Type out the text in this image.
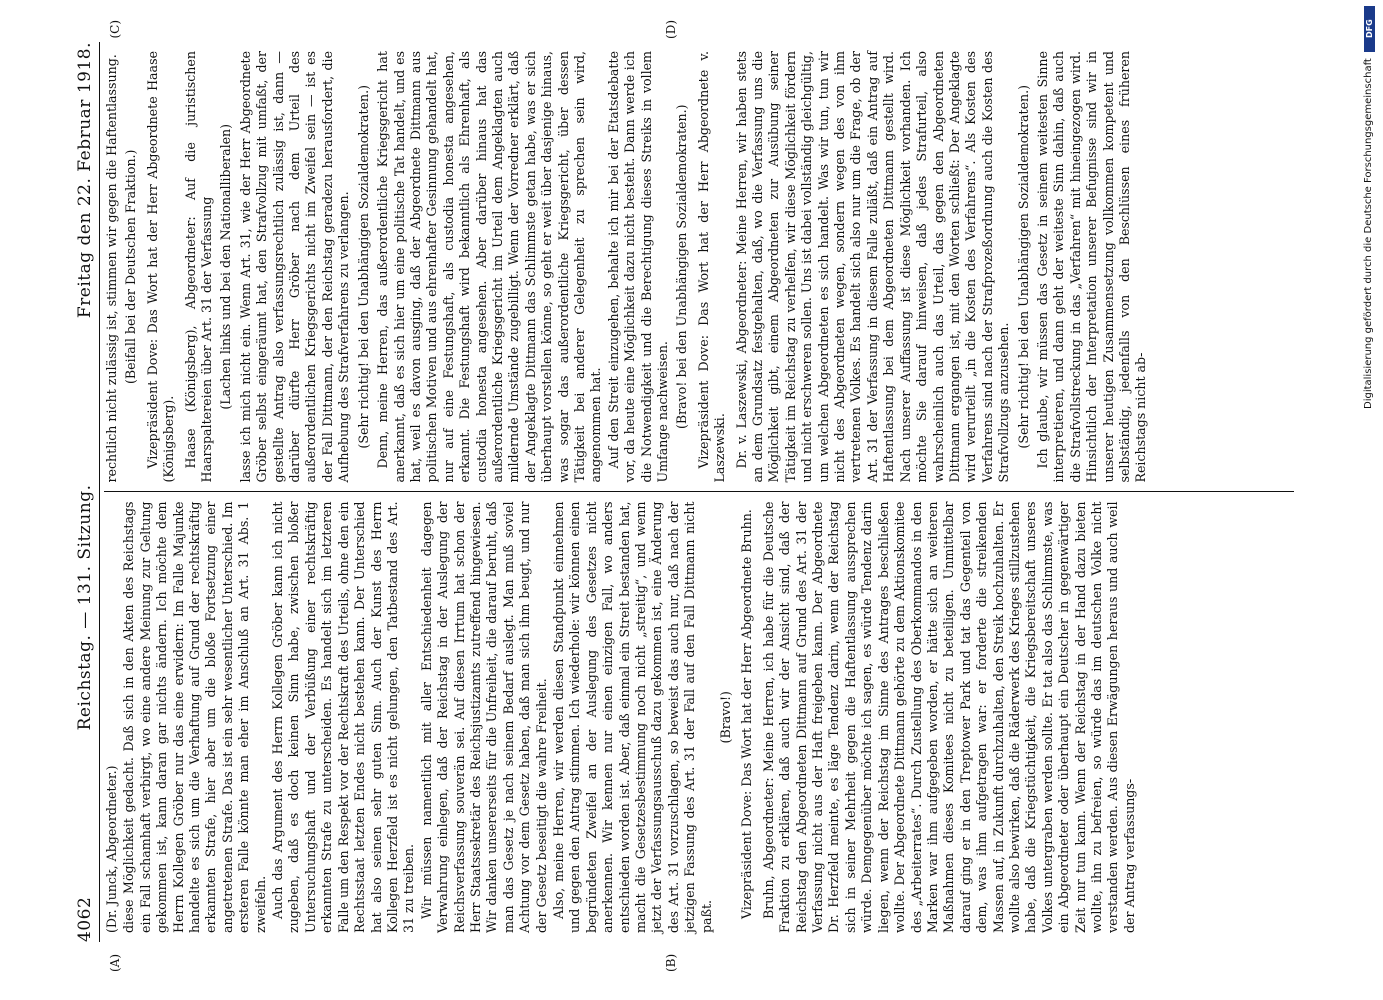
4062
Reichstag. — 131. Sitzung.
Freitag den 22. Februar 1918.
(A)	(B)
(C)	(D)

(Dr. Junck, Abgeordneter.) diese Möglichkeit gedacht. Daß sich in den Akten des Reichstags ein Fall schamhaft verbirgt, wo eine andere Meinung zur Geltung gekommen ist, kann daran gar nichts ändern. Ich möchte dem Herrn Kollegen Gröber nur das eine erwidern: Im Falle Majunke handelte es sich um die Verhaftung auf Grund der rechtskräftig erkannten Strafe, hier aber um die bloße Fortsetzung einer angetretenen Strafe. Das ist ein sehr wesentlicher Unterschied. Im ersteren Falle könnte man eher im Anschluß an Art. 31 Abs. 1 zweifeln. Auch das Argument des Herrn Kollegen Gröber kann ich nicht zugeben, daß es doch keinen Sinn habe, zwischen bloßer Untersuchungshaft und der Verbüßung einer rechtskräftig erkannten Strafe zu unterscheiden. Es handelt sich im letzteren Falle um den Respekt vor der Rechtskraft des Urteils, ohne den ein Rechtsstaat letzten Endes nicht bestehen kann. Der Unterschied hat also seinen sehr guten Sinn. Auch der Kunst des Herrn Kollegen Herzfeld ist es nicht gelungen, den Tatbestand des Art. 31 zu treiben. Wir müssen namentlich mit aller Entschiedenheit dagegen Verwahrung einlegen, daß der Reichstag in der Auslegung der Reichsverfassung souverän sei. Auf diesen Irrtum hat schon der Herr Staatssekretär des Reichsjustizamts zutreffend hingewiesen. Wir danken unsererseits für die Unfreiheit, die darauf beruht, daß man das Gesetz je nach seinem Bedarf auslegt. Man muß soviel Achtung vor dem Gesetz haben, daß man sich ihm beugt, und nur der Gesetz beseitigt die wahre Freiheit. Also, meine Herren, wir werden diesen Standpunkt einnehmen und gegen den Antrag stimmen. Ich wiederhole: wir können einen begründeten Zweifel an der Auslegung des Gesetzes nicht anerkennen. Wir kennen nur einen einzigen Fall, wo anders entschieden worden ist. Aber, daß einmal ein Streit bestanden hat, macht die Gesetzesbestimmung noch nicht „streitig“, und wenn jetzt der Verfassungsausschuß dazu gekommen ist, eine Änderung des Art. 31 vorzuschlagen, so beweist das auch nur, daß nach der jetzigen Fassung des Art. 31 der Fall auf den Fall Dittmann nicht paßt.

(Bravo!) Vizepräsident Dove: Das Wort hat der Herr Abgeordnete Bruhn. Bruhn, Abgeordneter: Meine Herren, ich habe für die Deutsche Fraktion zu erklären, daß auch wir der Ansicht sind, daß der Reichstag den Abgeordneten Dittmann auf Grund des Art. 31 der Verfassung nicht aus der Haft freigeben kann. Der Abgeordnete Dr. Herzfeld meinte, es läge Tendenz darin, wenn der Reichstag sich in seiner Mehrheit gegen die Haftentlassung aussprechen würde. Demgegenüber möchte ich sagen, es würde Tendenz darin liegen, wenn der Reichstag im Sinne des Antrages beschließen wollte. Der Abgeordnete Dittmann gehörte zu dem Aktionskomitee des „Arbeiterrates“. Durch Zustellung des Oberkommandos in den Marken war ihm aufgegeben worden, er hätte sich an weiteren Maßnahmen dieses Komitees nicht zu beteiligen. Unmittelbar darauf ging er in den Treptower Park und tat das Gegenteil von dem, was ihm aufgetragen war: er forderte die streikenden Massen auf, in Zukunft durchzuhalten, den Streik hochzuhalten. Er wollte also bewirken, daß die Räderwerk des Krieges stillzustehen habe, daß die Kriegstüchtigkeit, die Kriegsbereitschaft unseres Volkes untergraben werden sollte. Er tat also das Schlimmste, was ein Abgeordneter oder überhaupt ein Deutscher in gegenwärtiger Zeit nur tun kann. Wenn der Reichstag in der Hand dazu bieten wollte, ihn zu befreien, so würde das im deutschen Volke nicht verstanden werden. Aus diesen Erwägungen heraus und auch weil der Antrag verfassungs-

rechtlich nicht zulässig ist, stimmen wir gegen die Haftentlassung. (Beifall bei der Deutschen Fraktion.) Vizepräsident Dove: Das Wort hat der Herr Abgeordnete Haase (Königsberg). Haase (Königsberg), Abgeordneter: Auf die juristischen Haarspaltereien über Art. 31 der Verfassung (Lachen links und bei den Nationalliberalen) lasse ich mich nicht ein. Wenn Art. 31, wie der Herr Abgeordnete Gröber selbst eingeräumt hat, den Strafvollzug mit umfaßt, der gestellte Antrag also verfassungsrechtlich zulässig ist, dann — darüber dürfte Herr Gröber nach dem Urteil des außerordentlichen Kriegsgerichts nicht im Zweifel sein — ist es der Fall Dittmann, der den Reichstag geradezu herausfordert, die Aufhebung des Strafverfahrens zu verlangen. (Sehr richtig! bei den Unabhängigen Sozialdemokraten.) Denn, meine Herren, das außerordentliche Kriegsgericht hat anerkannt, daß es sich hier um eine politische Tat handelt, und es hat, weil es davon ausging, daß der Abgeordnete Dittmann aus politischen Motiven und aus ehrenhafter Gesinnung gehandelt hat, nur auf eine Festungshaft, als custodia honesta angesehen, erkannt. Die Festungshaft wird bekanntlich als Ehrenhaft, als custodia honesta angesehen. Aber darüber hinaus hat das außerordentliche Kriegsgericht im Urteil dem Angeklagten auch mildernde Umstände zugebilligt. Wenn der Vorredner erklärt, daß der Angeklagte Dittmann das Schlimmste getan habe, was er sich überhaupt vorstellen könne, so geht er weit über dasjenige hinaus, was sogar das außerordentliche Kriegsgericht, über dessen Tätigkeit bei anderer Gelegenheit zu sprechen sein wird, angenommen hat. Auf den Streit einzugehen, behalte ich mir bei der Etatsdebatte vor, da heute eine Möglichkeit dazu nicht besteht. Dann werde ich die Notwendigkeit und die Berechtigung dieses Streiks in vollem Umfange nachweisen. (Bravo! bei den Unabhängigen Sozialdemokraten.) Vizepräsident Dove: Das Wort hat der Herr Abgeordnete v. Laszewski. Dr. v. Laszewski, Abgeordneter: Meine Herren, wir haben stets an dem Grundsatz festgehalten, daß, wo die Verfassung uns die Möglichkeit gibt, einem Abgeordneten zur Ausübung seiner Tätigkeit im Reichstag zu verhelfen, wir diese Möglichkeit fördern und nicht erschweren sollen. Uns ist dabei vollständig gleichgültig, um welchen Abgeordneten es sich handelt. Was wir tun, tun wir nicht des Abgeordneten wegen, sondern wegen des von ihm vertretenen Volkes. Es handelt sich also nur um die Frage, ob der Art. 31 der Verfassung in diesem Falle zuläßt, daß ein Antrag auf Haftentlassung bei dem Abgeordneten Dittmann gestellt wird. Nach unserer Auffassung ist diese Möglichkeit vorhanden. Ich möchte Sie darauf hinweisen, daß jedes Strafurteil, also wahrscheinlich auch das Urteil, das gegen den Abgeordneten Dittmann ergangen ist, mit den Worten schließt: Der Angeklagte wird verurteilt „in die Kosten des Verfahrens“. Als Kosten des Verfahrens sind nach der Strafprozeßordnung auch die Kosten des Strafvollzugs anzusehen. (Sehr richtig! bei den Unabhängigen Sozialdemokraten.) Ich glaube, wir müssen das Gesetz in seinem weitesten Sinne interpretieren, und dann geht der weiteste Sinn dahin, daß auch die Strafvollstreckung in das „Verfahren“ mit hineingezogen wird. Hinsichtlich der Interpretation unserer Befugnisse sind wir in unserer heutigen Zusammensetzung vollkommen kompetent und selbständig, jedenfalls von den Beschlüssen eines früheren Reichstags nicht ab-

DFG
Digitalisierung gefördert durch die Deutsche Forschungsgemeinschaft
